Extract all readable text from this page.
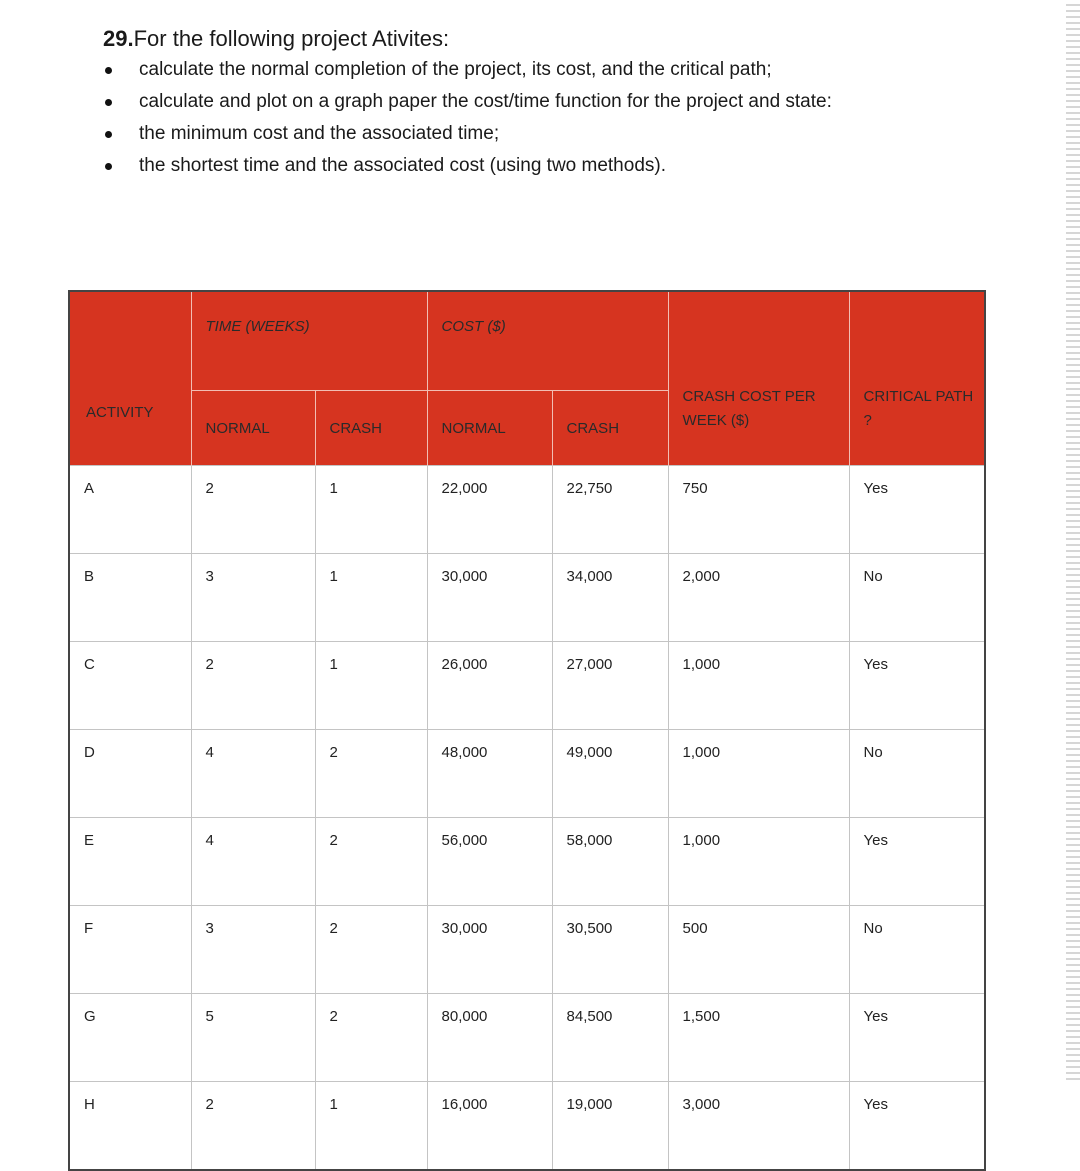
29.For the following project Ativites:

calculate the normal completion of the project, its cost, and the critical path;
calculate and plot on a graph paper the cost/time function for the project and state:
the minimum cost and the associated time;
the shortest time and the associated cost (using two methods).
ACTIVITY	TIME (WEEKS)		COST ($)		CRASH COST PER WEEK ($)	CRITICAL PATH ?
	NORMAL	CRASH	NORMAL	CRASH		
A	2	1	22,000	22,750	750	Yes
B	3	1	30,000	34,000	2,000	No
C	2	1	26,000	27,000	1,000	Yes
D	4	2	48,000	49,000	1,000	No
E	4	2	56,000	58,000	1,000	Yes
F	3	2	30,000	30,500	500	No
G	5	2	80,000	84,500	1,500	Yes
H	2	1	16,000	19,000	3,000	Yes
